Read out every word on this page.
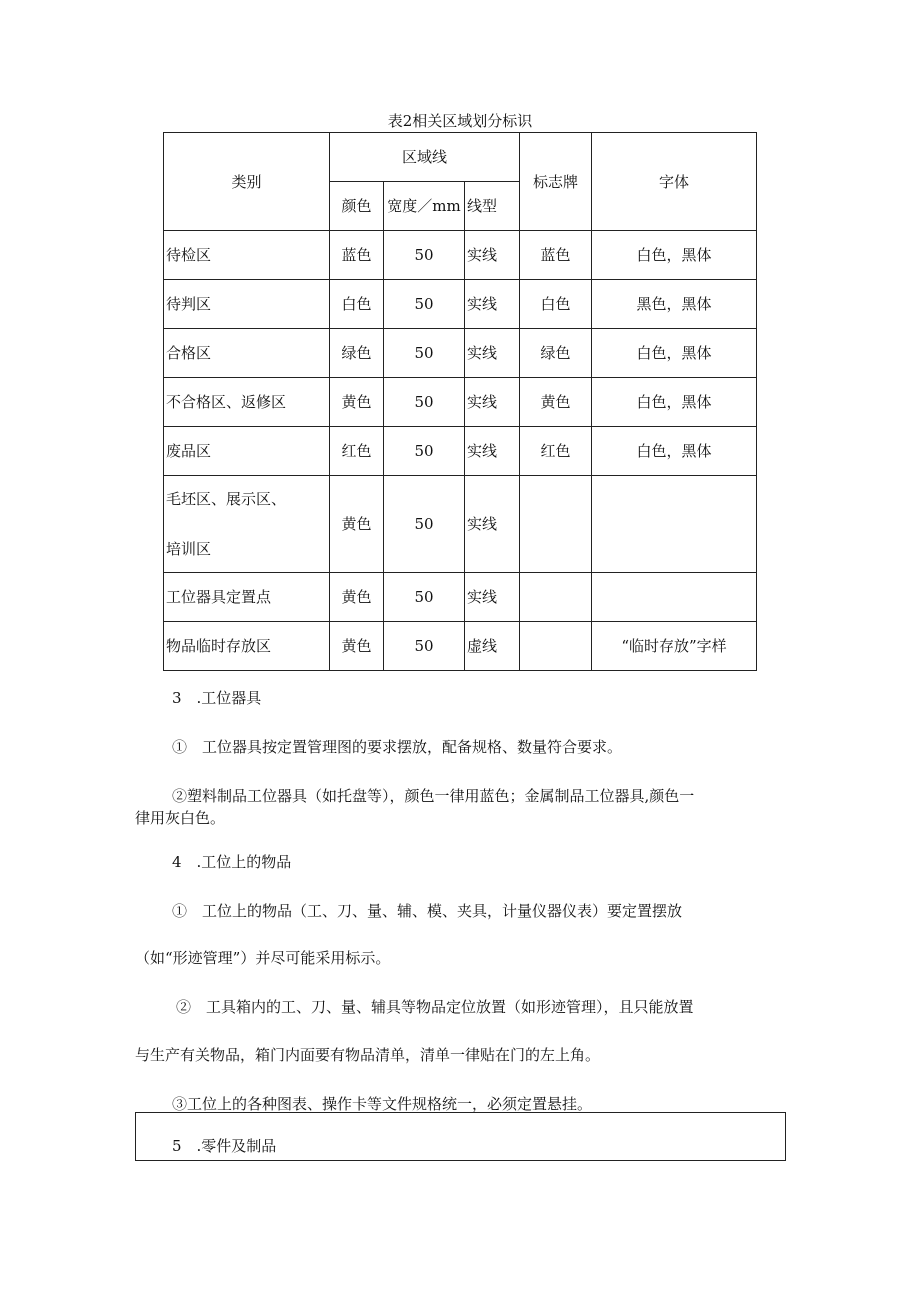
表2相关区域划分标识
类别	区域线			标志牌	字体
	颜色	宽度／mm	线型		
待检区	蓝色	50	实线	蓝色	白色，黑体
待判区	白色	50	实线	白色	黑色，黑体
合格区	绿色	50	实线	绿色	白色，黑体
不合格区、返修区	黄色	50	实线	黄色	白色，黑体
废品区	红色	50	实线	红色	白色，黑体

毛坯区、展示区、
培训区	黄色	50	实线		
工位器具定置点	黄色	50	实线		
物品临时存放区	黄色	50	虚线		“临时存放”字样
3　.工位器具
①　工位器具按定置管理图的要求摆放，配备规格、数量符合要求。
②塑料制品工位器具（如托盘等），颜色一律用蓝色；金属制品工位器具,颜色一
律用灰白色。
4　.工位上的物品
①　工位上的物品（工、刀、量、辅、模、夹具，计量仪器仪表）要定置摆放
（如“形迹管理”）并尽可能采用标示。
②　工具箱内的工、刀、量、辅具等物品定位放置（如形迹管理），且只能放置
与生产有关物品，箱门内面要有物品清单，清单一律贴在门的左上角。
③工位上的各种图表、操作卡等文件规格统一，必须定置悬挂。
5　.零件及制品
